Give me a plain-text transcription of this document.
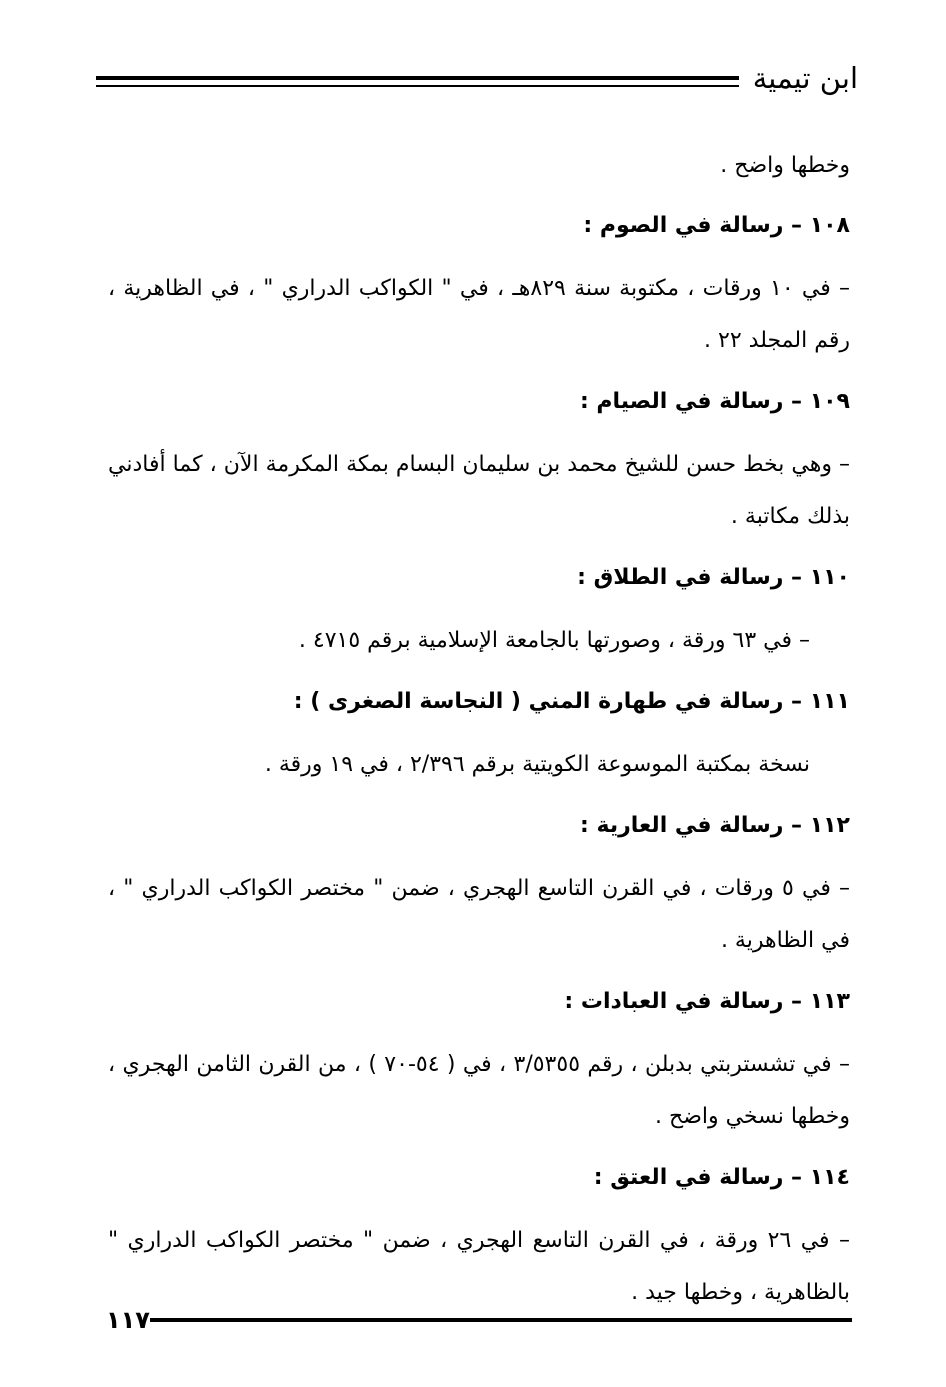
ابن تيمية

وخطها واضح .

١٠٨ – رسالة في الصوم :

– في ١٠ ورقات ، مكتوبة سنة ٨٢٩هـ ، في " الكواكب الدراري " ، في الظاهرية ، رقم المجلد ٢٢ .

١٠٩ – رسالة في الصيام :

– وهي بخط حسن للشيخ محمد بن سليمان البسام بمكة المكرمة الآن ، كما أفادني بذلك مكاتبة .

١١٠ – رسالة في الطلاق :

– في ٦٣ ورقة ، وصورتها بالجامعة الإسلامية برقم ٤٧١٥ .

١١١ – رسالة في طهارة المني ( النجاسة الصغرى ) :

نسخة بمكتبة الموسوعة الكويتية برقم ٢/٣٩٦ ، في ١٩ ورقة .

١١٢ – رسالة في العارية :

– في ٥ ورقات ، في القرن التاسع الهجري ، ضمن " مختصر الكواكب الدراري " ، في الظاهرية .

١١٣ – رسالة في العبادات :

– في تشستربتي بدبلن ، رقم ٣/٥٣٥٥ ، في ( ٥٤-٧٠ ) ، من القرن الثامن الهجري ، وخطها نسخي واضح .

١١٤ – رسالة في العتق :

– في ٢٦ ورقة ، في القرن التاسع الهجري ، ضمن " مختصر الكواكب الدراري " بالظاهرية ، وخطها جيد .

١١٧
